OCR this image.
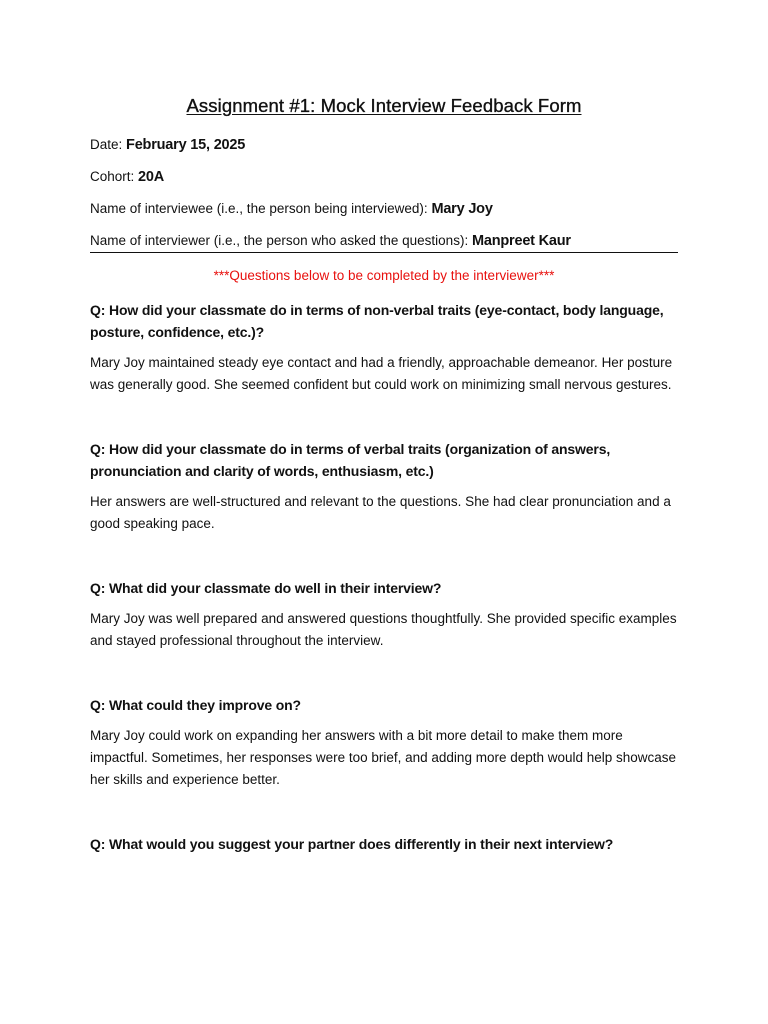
Assignment #1: Mock Interview Feedback Form
Date: February 15, 2025
Cohort: 20A
Name of interviewee (i.e., the person being interviewed): Mary Joy
Name of interviewer (i.e., the person who asked the questions): Manpreet Kaur
***Questions below to be completed by the interviewer***
Q: How did your classmate do in terms of non-verbal traits (eye-contact, body language, posture, confidence, etc.)?
Mary Joy maintained steady eye contact and had a friendly, approachable demeanor. Her posture was generally good. She seemed confident but could work on minimizing small nervous gestures.
Q: How did your classmate do in terms of verbal traits (organization of answers, pronunciation and clarity of words, enthusiasm, etc.)
Her answers are well-structured and relevant to the questions. She had clear pronunciation and a good speaking pace.
Q: What did your classmate do well in their interview?
Mary Joy was well prepared and answered questions thoughtfully. She provided specific examples and stayed professional throughout the interview.
Q: What could they improve on?
Mary Joy could work on expanding her answers with a bit more detail to make them more impactful. Sometimes, her responses were too brief, and adding more depth would help showcase her skills and experience better.
Q: What would you suggest your partner does differently in their next interview?
